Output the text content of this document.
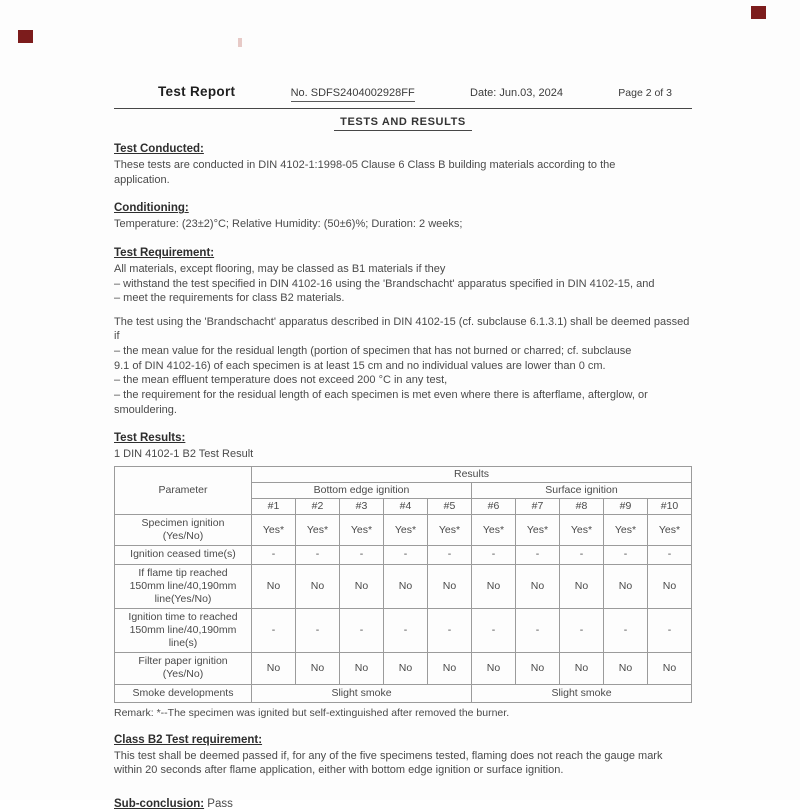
Test Report	No. SDFS2404002928FF	Date: Jun.03, 2024	Page 2 of 3
TESTS AND RESULTS
Test Conducted:
These tests are conducted in DIN 4102-1:1998-05 Clause 6 Class B building materials according to the
application.
Conditioning:
Temperature: (23±2)°C; Relative Humidity: (50±6)%; Duration: 2 weeks;
Test Requirement:
All materials, except flooring, may be classed as B1 materials if they
– withstand the test specified in DIN 4102-16 using the 'Brandschacht' apparatus specified in DIN 4102-15, and
– meet the requirements for class B2 materials.
The test using the 'Brandschacht' apparatus described in DIN 4102-15 (cf. subclause 6.1.3.1) shall be deemed passed
if
– the mean value for the residual length (portion of specimen that has not burned or charred; cf. subclause
9.1 of DIN 4102-16) of each specimen is at least 15 cm and no individual values are lower than 0 cm.
– the mean effluent temperature does not exceed 200 °C in any test,
– the requirement for the residual length of each specimen is met even where there is afterflame, afterglow, or
smouldering.
Test Results:
1 DIN 4102-1 B2 Test Result
Parameter	Results									
	Bottom edge ignition					Surface ignition				
	#1	#2	#3	#4	#5	#6	#7	#8	#9	#10
Specimen ignition
(Yes/No)	Yes*	Yes*	Yes*	Yes*	Yes*	Yes*	Yes*	Yes*	Yes*	Yes*
Ignition ceased time(s)	-	-	-	-	-	-	-	-	-	-
If flame tip reached
150mm line/40,190mm
line(Yes/No)	No	No	No	No	No	No	No	No	No	No
Ignition time to reached
150mm line/40,190mm
line(s)	-	-	-	-	-	-	-	-	-	-
Filter paper ignition
(Yes/No)	No	No	No	No	No	No	No	No	No	No
Smoke developments	Slight smoke					Slight smoke				
Remark: *--The specimen was ignited but self-extinguished after removed the burner.
Class B2 Test requirement:
This test shall be deemed passed if, for any of the five specimens tested, flaming does not reach the gauge mark
within 20 seconds after flame application, either with bottom edge ignition or surface ignition.
Sub-conclusion: Pass
